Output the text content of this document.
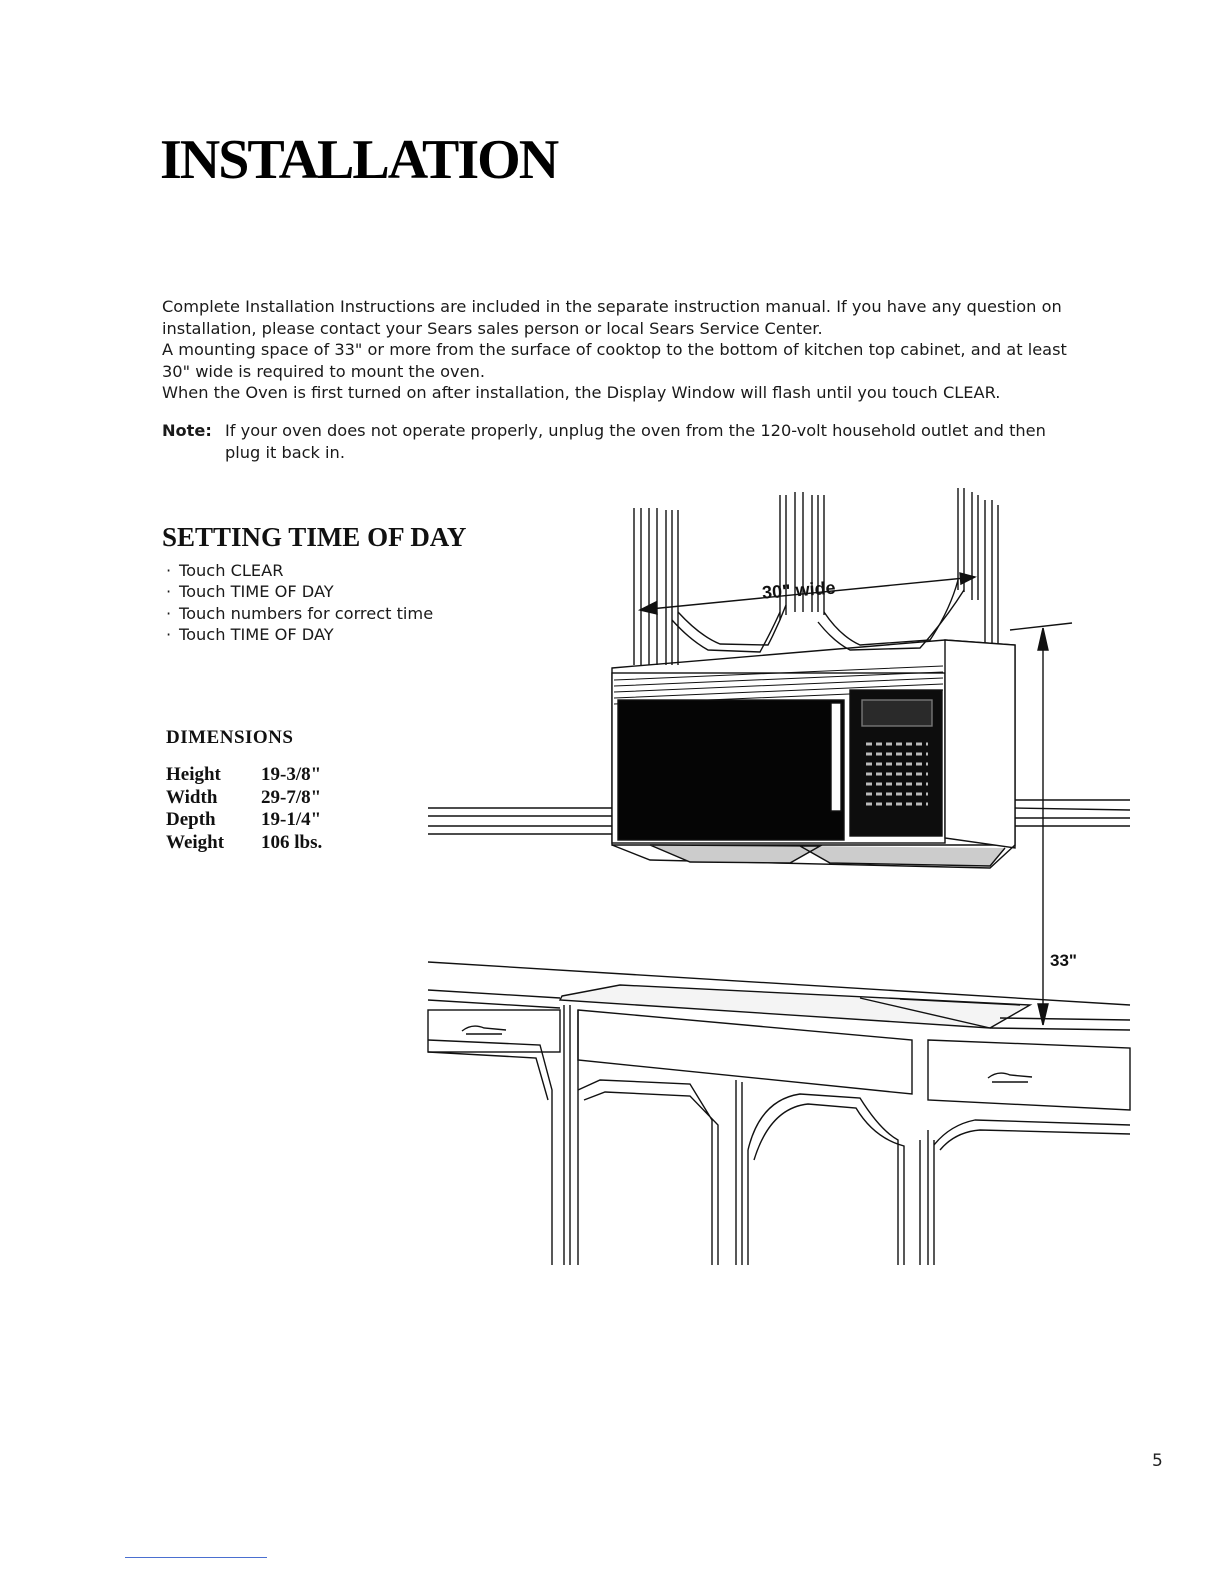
INSTALLATION

Complete Installation Instructions are included in the separate instruction manual. If you have any question on installation, please contact your Sears sales person or local Sears Service Center.

A mounting space of 33" or more from the surface of cooktop to the bottom of kitchen top cabinet, and at least 30" wide is required to mount the oven.

When the Oven is first turned on after installation, the Display Window will flash until you touch CLEAR.

Note: If your oven does not operate properly, unplug the oven from the 120-volt household outlet and then plug it back in.
SETTING TIME OF DAY
· Touch CLEAR
· Touch TIME OF DAY
· Touch numbers for correct time
· Touch TIME OF DAY
DIMENSIONS
Height	19-3/8"
Width	29-7/8"
Depth	19-1/4"
Weight	106 lbs.
30" wide
33"
5
